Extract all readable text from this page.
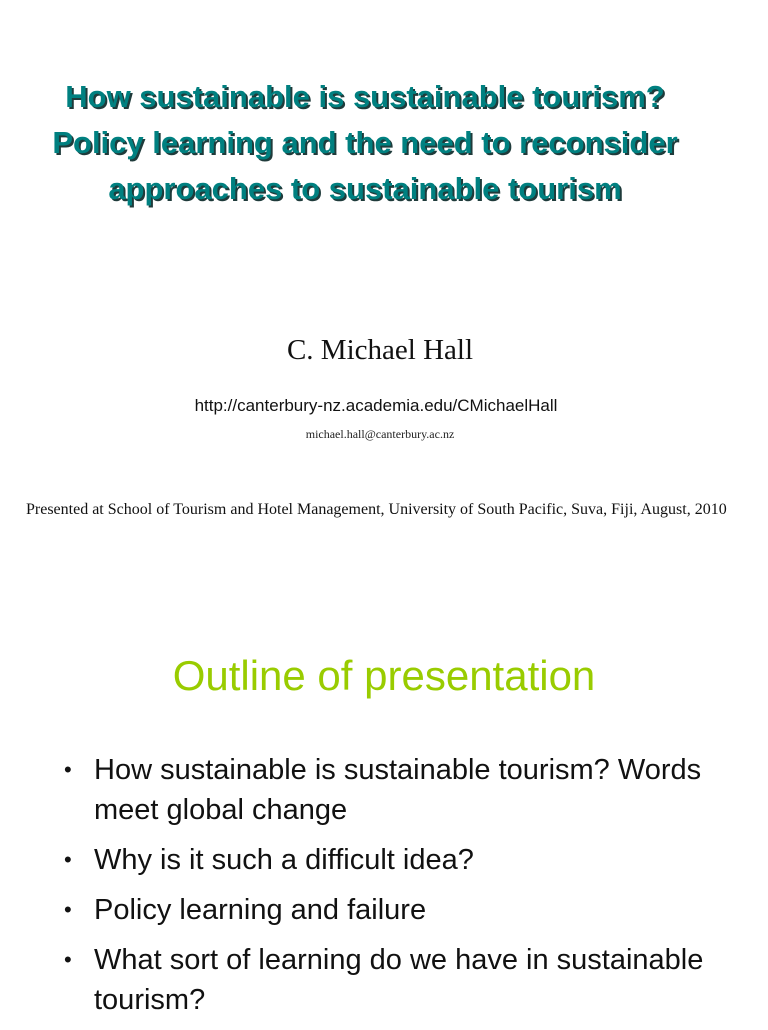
How sustainable is sustainable tourism? Policy learning and the need to reconsider approaches to sustainable tourism
C. Michael Hall
http://canterbury-nz.academia.edu/CMichaelHall
michael.hall@canterbury.ac.nz
Presented at School of Tourism and Hotel Management, University of South Pacific, Suva, Fiji, August, 2010
Outline of presentation
• How sustainable is sustainable tourism? Words meet global change
• Why is it such a difficult idea?
• Policy learning and failure
• What sort of learning do we have in sustainable tourism?
